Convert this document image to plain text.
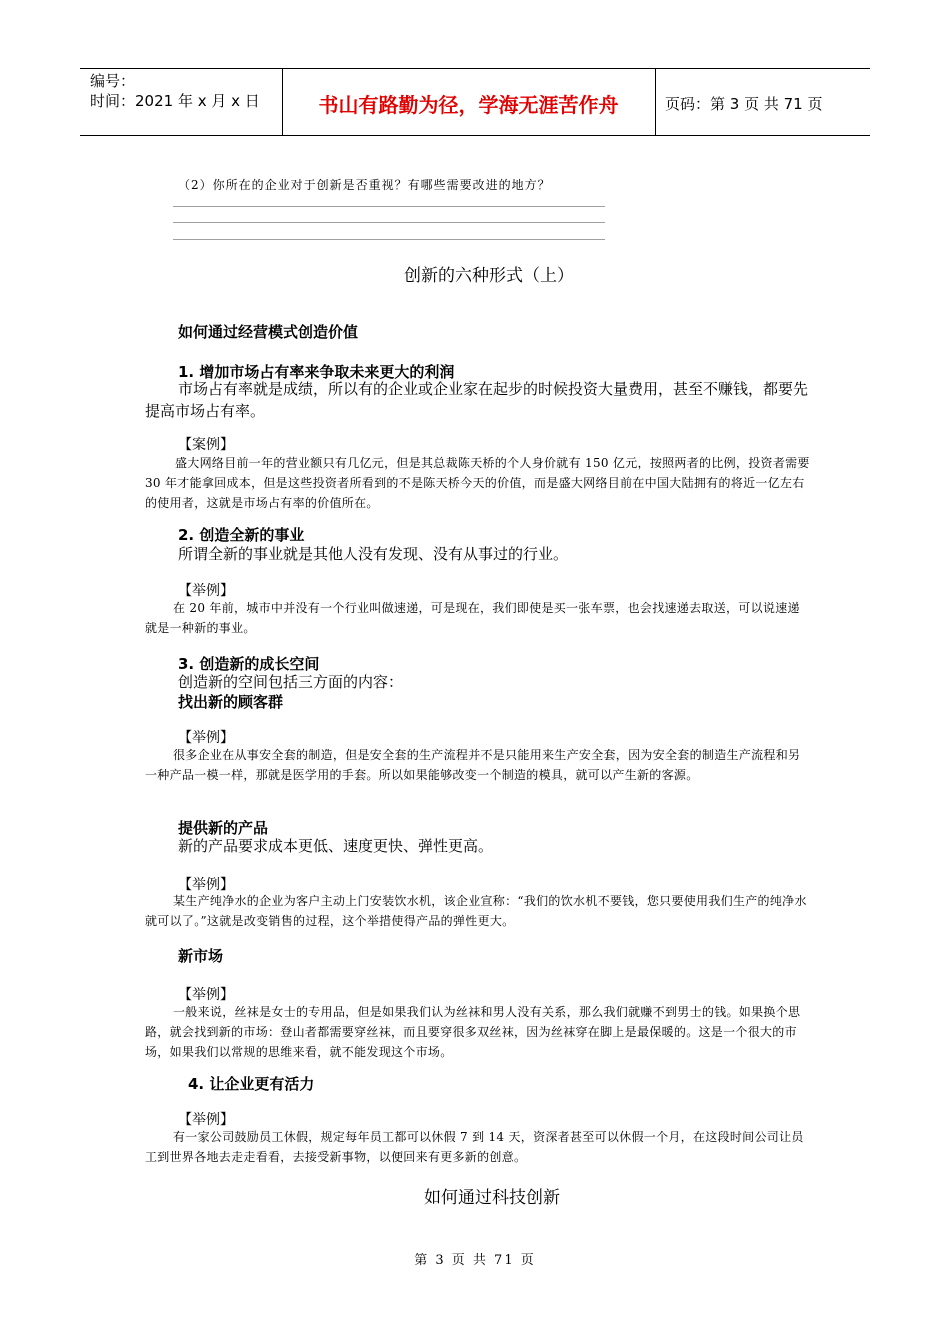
编号：
时间：2021 年 x 月 x 日	书山有路勤为径，学海无涯苦作舟	页码：第 3 页 共 71 页
（2）你所在的企业对于创新是否重视？有哪些需要改进的地方？
创新的六种形式（上）
如何通过经营模式创造价值
1. 增加市场占有率来争取未来更大的利润
市场占有率就是成绩，所以有的企业或企业家在起步的时候投资大量费用，甚至不赚钱，都要先提高市场占有率。
【案例】
盛大网络目前一年的营业额只有几亿元，但是其总裁陈天桥的个人身价就有 150 亿元，按照两者的比例，投资者需要 30 年才能拿回成本，但是这些投资者所看到的不是陈天桥今天的价值，而是盛大网络目前在中国大陆拥有的将近一亿左右的使用者，这就是市场占有率的价值所在。
2. 创造全新的事业
所谓全新的事业就是其他人没有发现、没有从事过的行业。
【举例】
在 20 年前，城市中并没有一个行业叫做速递，可是现在，我们即使是买一张车票，也会找速递去取送，可以说速递就是一种新的事业。
3. 创造新的成长空间
创造新的空间包括三方面的内容：
找出新的顾客群
【举例】
很多企业在从事安全套的制造，但是安全套的生产流程并不是只能用来生产安全套，因为安全套的制造生产流程和另一种产品一模一样，那就是医学用的手套。所以如果能够改变一个制造的模具，就可以产生新的客源。
提供新的产品
新的产品要求成本更低、速度更快、弹性更高。
【举例】
某生产纯净水的企业为客户主动上门安装饮水机，该企业宣称：“我们的饮水机不要钱，您只要使用我们生产的纯净水就可以了。”这就是改变销售的过程，这个举措使得产品的弹性更大。
新市场
【举例】
一般来说，丝袜是女士的专用品，但是如果我们认为丝袜和男人没有关系，那么我们就赚不到男士的钱。如果换个思路，就会找到新的市场：登山者都需要穿丝袜，而且要穿很多双丝袜，因为丝袜穿在脚上是最保暖的。这是一个很大的市场，如果我们以常规的思维来看，就不能发现这个市场。
4. 让企业更有活力
【举例】
有一家公司鼓励员工休假，规定每年员工都可以休假 7 到 14 天，资深者甚至可以休假一个月，在这段时间公司让员工到世界各地去走走看看，去接受新事物，以便回来有更多新的创意。
如何通过科技创新
第 3 页 共 71 页
